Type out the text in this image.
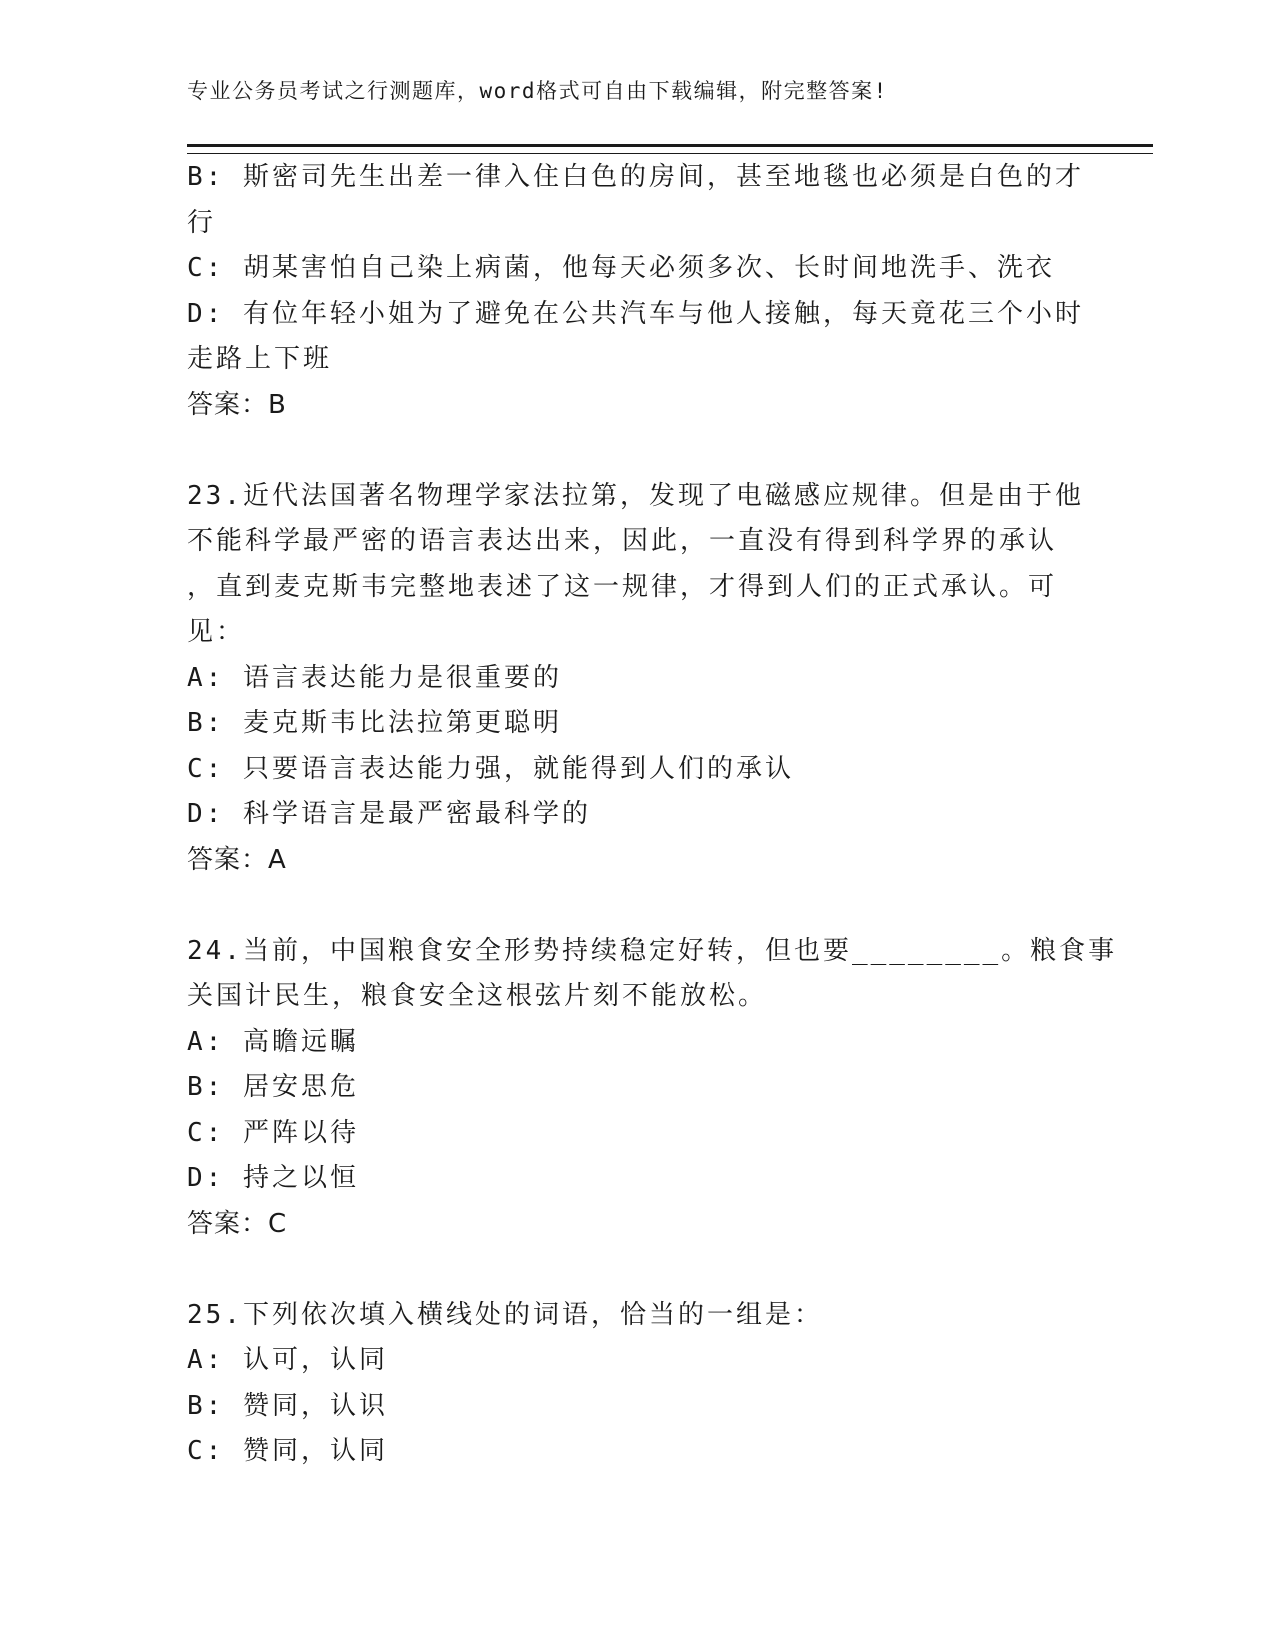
专业公务员考试之行测题库，word格式可自由下载编辑，附完整答案!
B: 斯密司先生出差一律入住白色的房间，甚至地毯也必须是白色的才
行
C: 胡某害怕自己染上病菌，他每天必须多次、长时间地洗手、洗衣
D: 有位年轻小姐为了避免在公共汽车与他人接触，每天竟花三个小时
走路上下班
答案：B
23.近代法国著名物理学家法拉第，发现了电磁感应规律。但是由于他
不能科学最严密的语言表达出来，因此，一直没有得到科学界的承认
，直到麦克斯韦完整地表述了这一规律，才得到人们的正式承认。可
见：
A: 语言表达能力是很重要的
B: 麦克斯韦比法拉第更聪明
C: 只要语言表达能力强，就能得到人们的承认
D: 科学语言是最严密最科学的
答案：A
24.当前，中国粮食安全形势持续稳定好转，但也要________。粮食事
关国计民生，粮食安全这根弦片刻不能放松。
A: 高瞻远瞩
B: 居安思危
C: 严阵以待
D: 持之以恒
答案：C
25.下列依次填入横线处的词语，恰当的一组是：
A: 认可，认同
B: 赞同，认识
C: 赞同，认同
